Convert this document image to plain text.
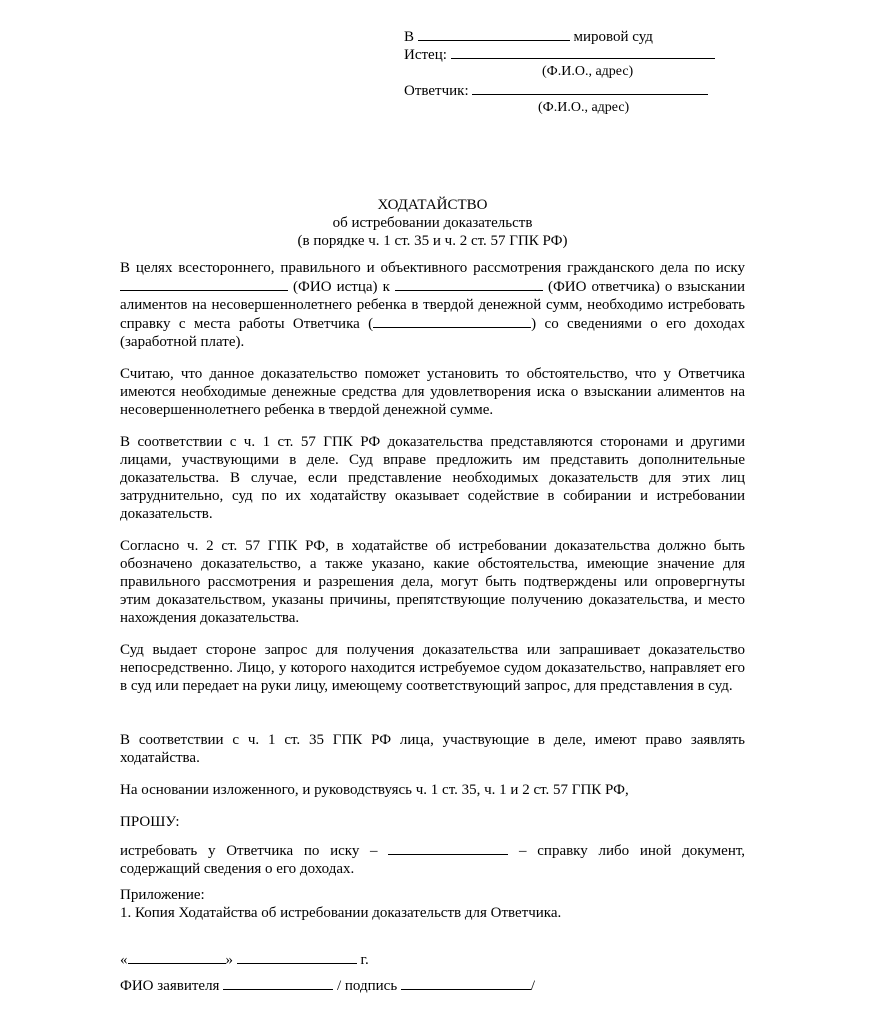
В	мировой суд
Истец:
(Ф.И.О., адрес)
Ответчик:
(Ф.И.О., адрес)
ХОДАТАЙСТВО
об истребовании доказательств
(в порядке ч. 1 ст. 35 и ч. 2 ст. 57 ГПК РФ)

В целях всестороннего, правильного и объективного рассмотрения гражданского дела по иску  (ФИО истца) к	(ФИО ответчика) о взыскании алиментов на несовершеннолетнего ребенка в твердой денежной сумм, необходимо истребовать справку с места работы Ответчика (	) со сведениями о его доходах (заработной плате).

Считаю, что данное доказательство поможет установить то обстоятельство, что у Ответчика имеются необходимые денежные средства для удовлетворения иска о взыскании алиментов на несовершеннолетнего ребенка в твердой денежной сумме.

В соответствии с ч. 1 ст. 57 ГПК РФ доказательства представляются сторонами и другими лицами, участвующими в деле. Суд вправе предложить им представить дополнительные доказательства. В случае, если представление необходимых доказательств для этих лиц затруднительно, суд по их ходатайству оказывает содействие в собирании и истребовании доказательств.

Согласно ч. 2 ст. 57 ГПК РФ, в ходатайстве об истребовании доказательства должно быть обозначено доказательство, а также указано, какие обстоятельства, имеющие значение для правильного рассмотрения и разрешения дела, могут быть подтверждены или опровергнуты этим доказательством, указаны причины, препятствующие получению доказательства, и место нахождения доказательства.

Суд выдает стороне запрос для получения доказательства или запрашивает доказательство непосредственно. Лицо, у которого находится истребуемое судом доказательство, направляет его в суд или передает на руки лицу, имеющему соответствующий запрос, для представления в суд.

В соответствии с ч. 1 ст. 35 ГПК РФ лица, участвующие в деле, имеют право заявлять ходатайства.

На основании изложенного, и руководствуясь ч. 1 ст. 35, ч. 1 и 2 ст. 57 ГПК РФ,

ПРОШУ:

истребовать у Ответчика по иску –	– справку либо иной документ, содержащий сведения о его доходах.

Приложение:
1. Копия Ходатайства об истребовании доказательств для Ответчика.
«	»	г.
ФИО заявителя	/ подпись	/
